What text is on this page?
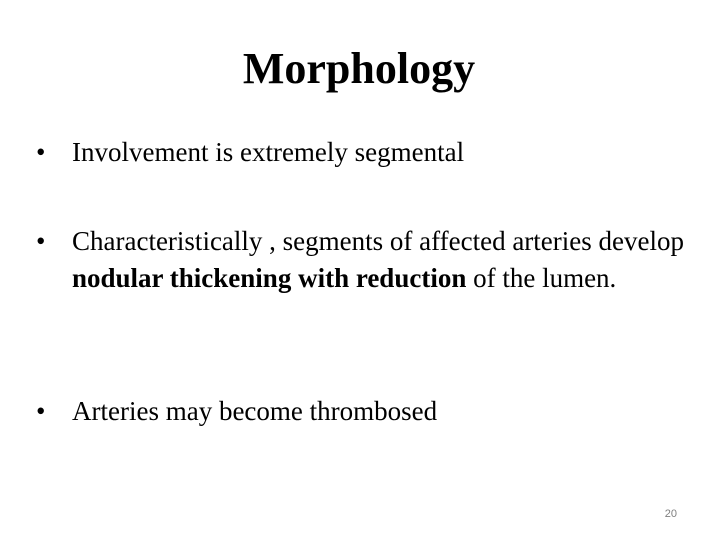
Morphology
• Involvement is extremely segmental
• Characteristically , segments of affected arteries develop nodular thickening with reduction of the lumen.
• Arteries may become thrombosed
20
